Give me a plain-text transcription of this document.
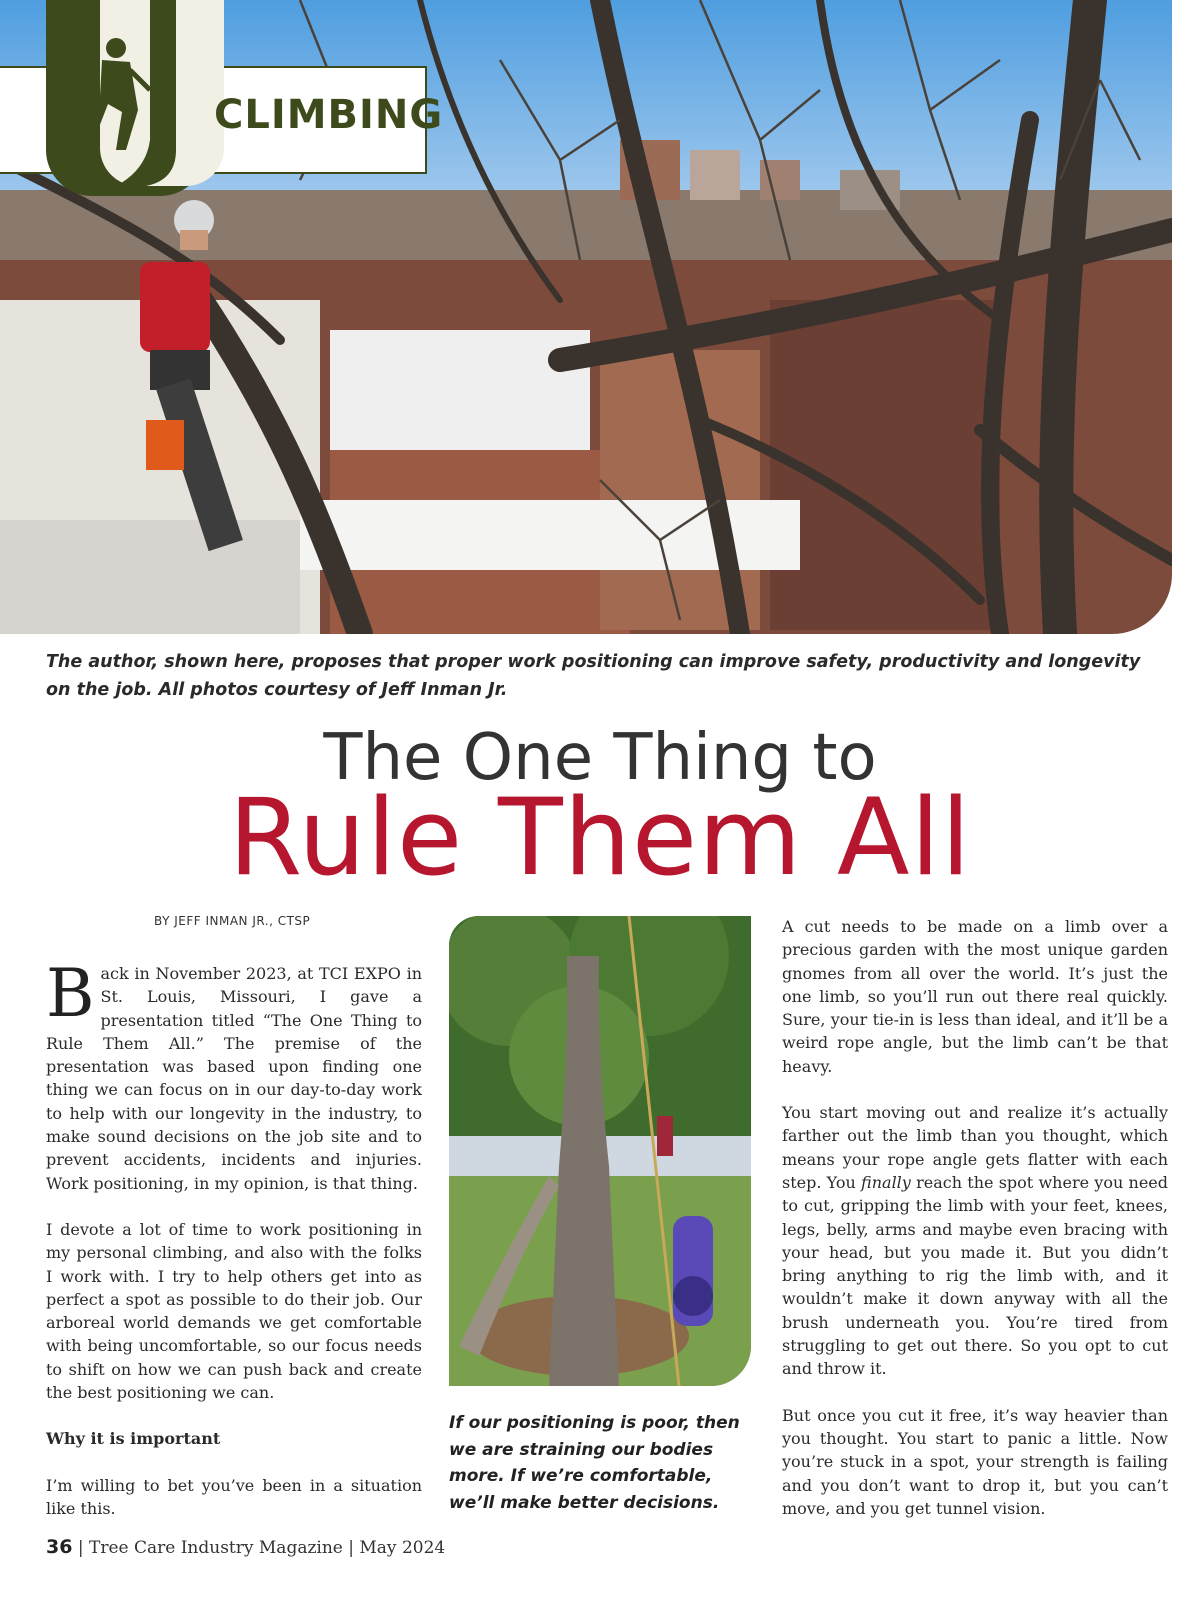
CLIMBING
The author, shown here, proposes that proper work positioning can improve safety, productivity and longevity on the job. All photos courtesy of Jeff Inman Jr.
The One Thing to
Rule Them All
BY JEFF INMAN JR., CTSP

Back in November 2023, at TCI EXPO in St. Louis, Missouri, I gave a presentation titled “The One Thing to Rule Them All.” The premise of the presentation was based upon finding one thing we can focus on in our day-to-day work to help with our longevity in the industry, to make sound decisions on the job site and to prevent accidents, incidents and injuries. Work positioning, in my opinion, is that thing.

I devote a lot of time to work positioning in my personal climbing, and also with the folks I work with. I try to help others get into as perfect a spot as possible to do their job. Our arboreal world demands we get comfortable with being uncomfortable, so our focus needs to shift on how we can push back and create the best positioning we can.

Why it is important

I’m willing to bet you’ve been in a situation like this.

If our positioning is poor, then we are straining our bodies more. If we’re comfortable, we’ll make better decisions.

A cut needs to be made on a limb over a precious garden with the most unique garden gnomes from all over the world. It’s just the one limb, so you’ll run out there real quickly. Sure, your tie-in is less than ideal, and it’ll be a weird rope angle, but the limb can’t be that heavy.

You start moving out and realize it’s actually farther out the limb than you thought, which means your rope angle gets flatter with each step. You finally reach the spot where you need to cut, gripping the limb with your feet, knees, legs, belly, arms and maybe even bracing with your head, but you made it. But you didn’t bring anything to rig the limb with, and it wouldn’t make it down anyway with all the brush underneath you. You’re tired from struggling to get out there. So you opt to cut and throw it.

But once you cut it free, it’s way heavier than you thought. You start to panic a little. Now you’re stuck in a spot, your strength is failing and you don’t want to drop it, but you can’t move, and you get tunnel vision.

36 | Tree Care Industry Magazine | May 2024
